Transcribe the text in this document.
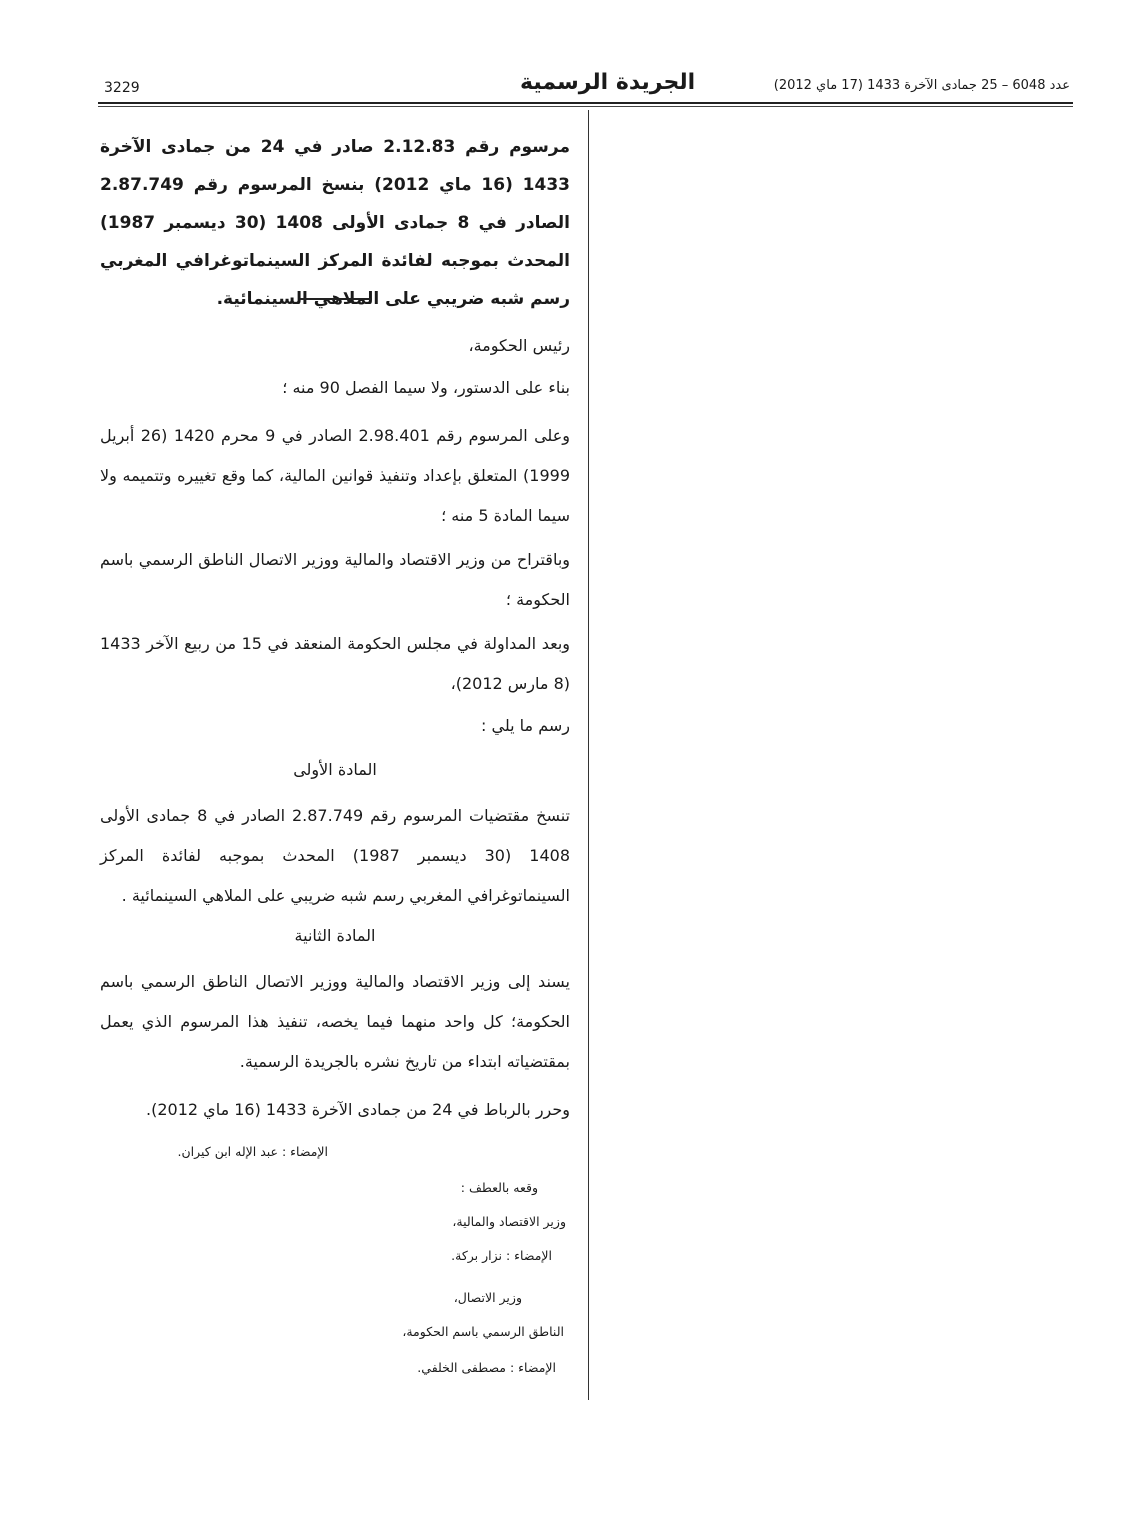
عدد 6048 – 25 جمادى الآخرة 1433 (17 ماي 2012)
الجريدة الرسمية
3229
مرسوم رقم 2.12.83 صادر في 24 من جمادى الآخرة 1433 (16 ماي 2012) بنسخ المرسوم رقم 2.87.749 الصادر في 8 جمادى الأولى 1408 (30 ديسمبر 1987) المحدث بموجبه لفائدة المركز السينماتوغرافي المغربي رسم شبه ضريبي على الملاهي السينمائية.
رئيس الحكومة،
بناء على الدستور، ولا سيما الفصل 90 منه ؛
وعلى المرسوم رقم 2.98.401 الصادر في 9 محرم 1420 (26 أبريل 1999) المتعلق بإعداد وتنفيذ قوانين المالية، كما وقع تغييره وتتميمه ولا سيما المادة 5 منه ؛
وباقتراح من وزير الاقتصاد والمالية ووزير الاتصال الناطق الرسمي باسم الحكومة ؛
وبعد المداولة في مجلس الحكومة المنعقد في 15 من ربيع الآخر 1433 (8 مارس 2012)،
رسم ما يلي :
المادة الأولى
تنسخ مقتضيات المرسوم رقم 2.87.749 الصادر في 8 جمادى الأولى 1408 (30 ديسمبر 1987) المحدث بموجبه لفائدة المركز السينماتوغرافي المغربي رسم شبه ضريبي على الملاهي السينمائية .
المادة الثانية
يسند إلى وزير الاقتصاد والمالية ووزير الاتصال الناطق الرسمي باسم الحكومة؛ كل واحد منهما فيما يخصه، تنفيذ هذا المرسوم الذي يعمل بمقتضياته ابتداء من تاريخ نشره بالجريدة الرسمية.
وحرر بالرباط في 24 من جمادى الآخرة 1433 (16 ماي 2012).
الإمضاء : عبد الإله ابن كيران.
وقعه بالعطف :
وزير الاقتصاد والمالية،
الإمضاء : نزار بركة.
وزير الاتصال،
الناطق الرسمي باسم الحكومة،
الإمضاء : مصطفى الخلفي.
